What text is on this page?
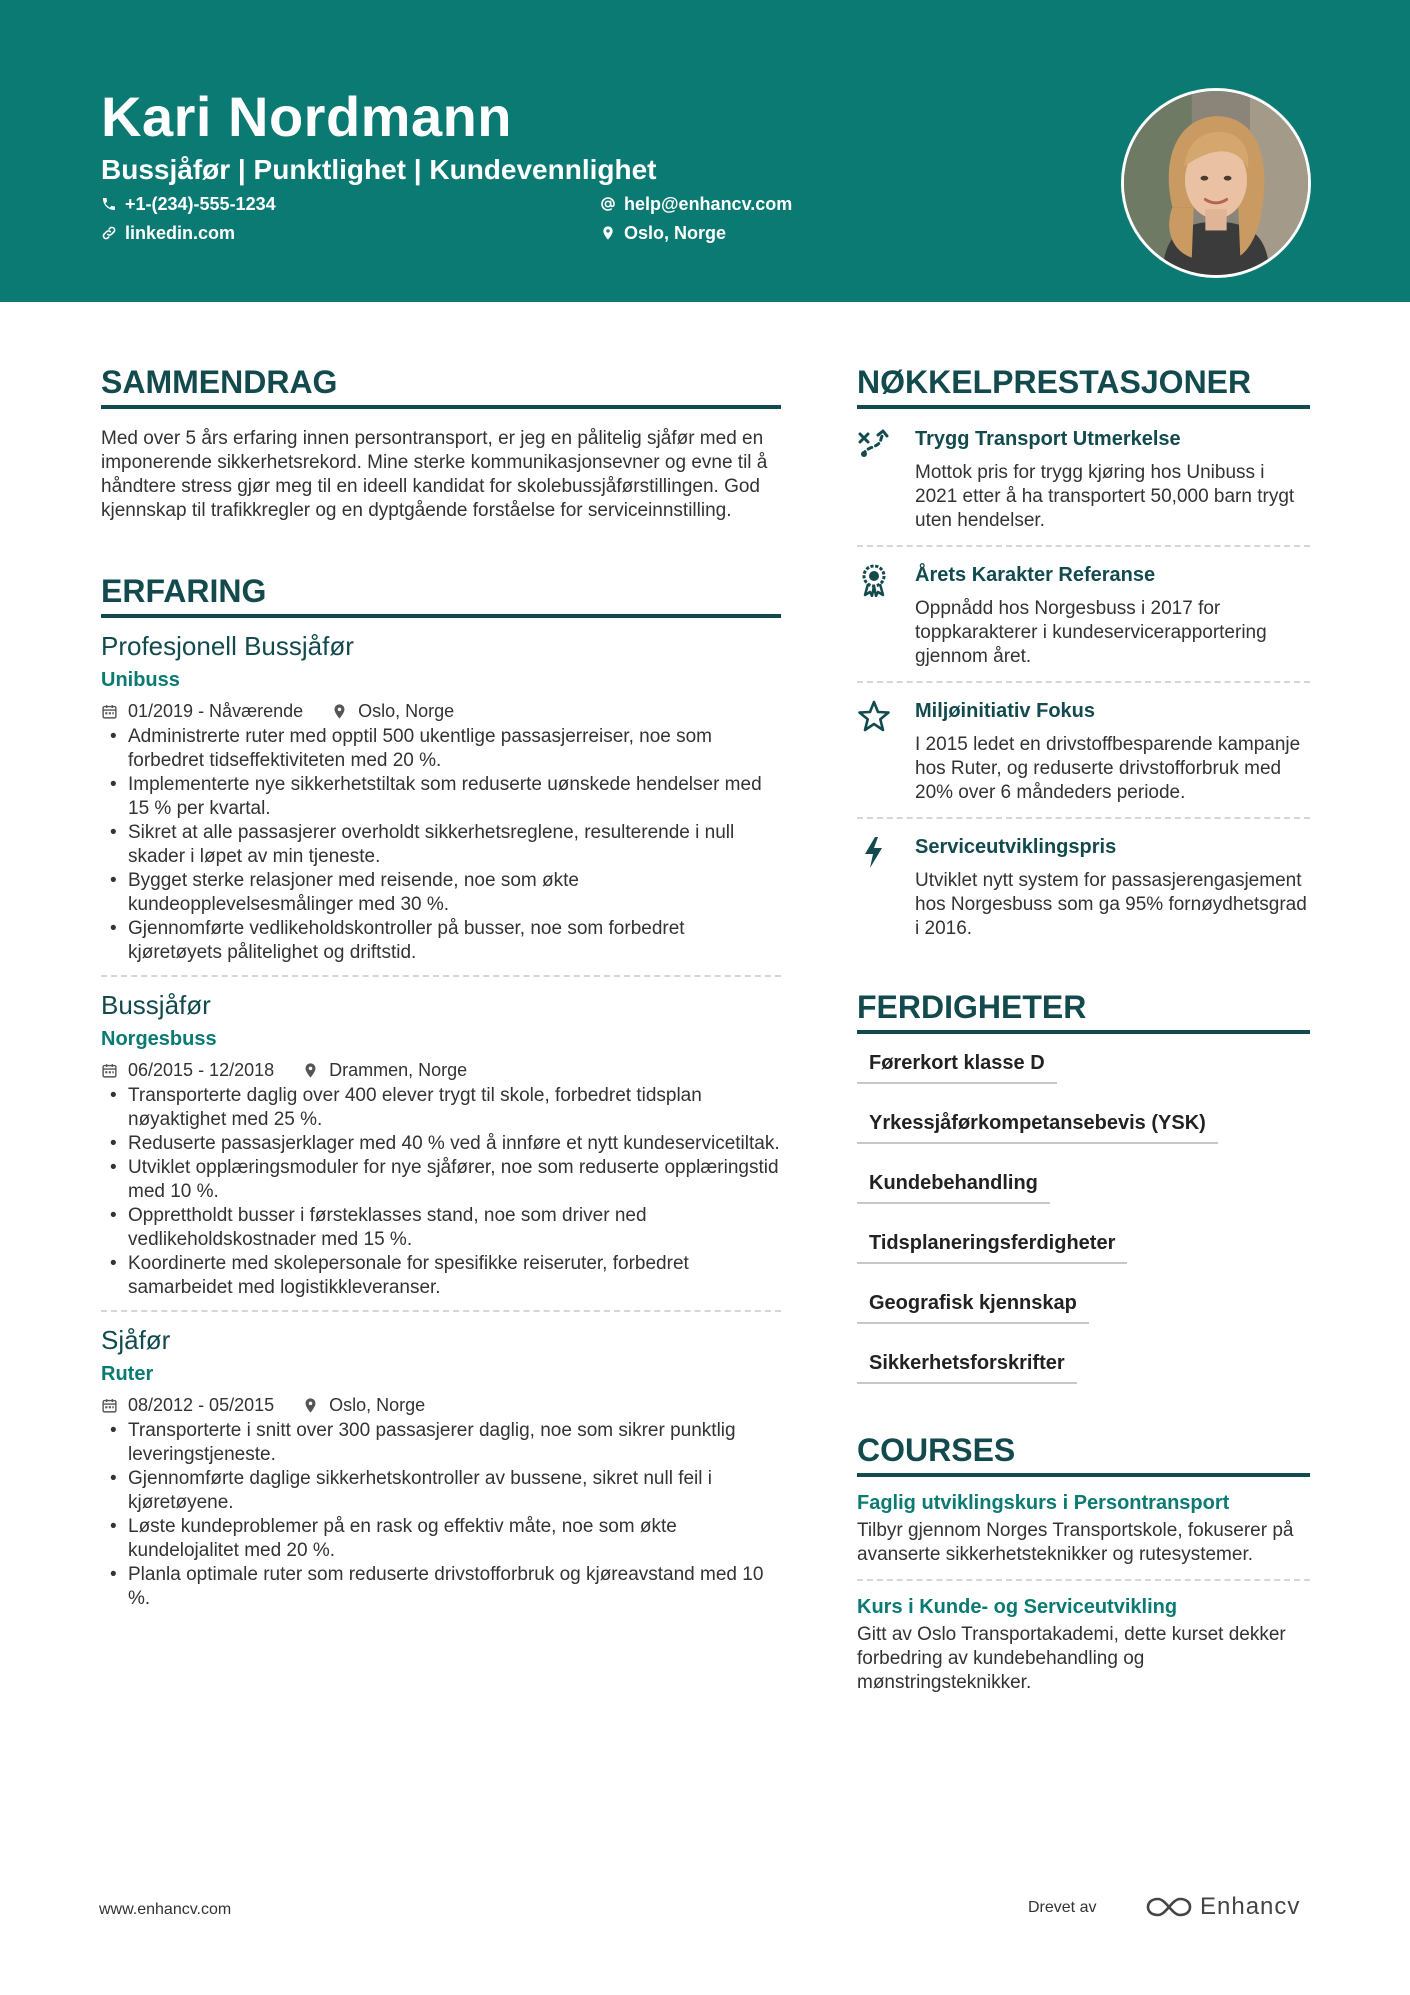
Kari Nordmann
Bussjåfør | Punktlighet | Kundevennlighet
+1-(234)-555-1234	help@enhancv.com
linkedin.com	Oslo, Norge
SAMMENDRAG
Med over 5 års erfaring innen persontransport, er jeg en pålitelig sjåfør med en imponerende sikkerhetsrekord. Mine sterke kommunikasjonsevner og evne til å håndtere stress gjør meg til en ideell kandidat for skolebussjåførstillingen. God kjennskap til trafikkregler og en dyptgående forståelse for serviceinnstilling.
ERFARING
Profesjonell Bussjåfør
Unibuss
01/2019 - Nåværende	Oslo, Norge
• Administrerte ruter med opptil 500 ukentlige passasjerreiser, noe som forbedret tidseffektiviteten med 20 %.
• Implementerte nye sikkerhetstiltak som reduserte uønskede hendelser med 15 % per kvartal.
• Sikret at alle passasjerer overholdt sikkerhetsreglene, resulterende i null skader i løpet av min tjeneste.
• Bygget sterke relasjoner med reisende, noe som økte kundeopplevelsesmålinger med 30 %.
• Gjennomførte vedlikeholdskontroller på busser, noe som forbedret kjøretøyets pålitelighet og driftstid.
Bussjåfør
Norgesbuss
06/2015 - 12/2018	Drammen, Norge
• Transporterte daglig over 400 elever trygt til skole, forbedret tidsplan nøyaktighet med 25 %.
• Reduserte passasjerklager med 40 % ved å innføre et nytt kundeservicetiltak.
• Utviklet opplæringsmoduler for nye sjåfører, noe som reduserte opplæringstid med 10 %.
• Opprettholdt busser i førsteklasses stand, noe som driver ned vedlikeholdskostnader med 15 %.
• Koordinerte med skolepersonale for spesifikke reiseruter, forbedret samarbeidet med logistikkleveranser.
Sjåfør
Ruter
08/2012 - 05/2015	Oslo, Norge
• Transporterte i snitt over 300 passasjerer daglig, noe som sikrer punktlig leveringstjeneste.
• Gjennomførte daglige sikkerhetskontroller av bussene, sikret null feil i kjøretøyene.
• Løste kundeproblemer på en rask og effektiv måte, noe som økte kundelojalitet med 20 %.
• Planla optimale ruter som reduserte drivstofforbruk og kjøreavstand med 10 %.
NØKKELPRESTASJONER
Trygg Transport Utmerkelse
Mottok pris for trygg kjøring hos Unibuss i 2021 etter å ha transportert 50,000 barn trygt uten hendelser.
Årets Karakter Referanse
Oppnådd hos Norgesbuss i 2017 for toppkarakterer i kundeservicerapportering gjennom året.
Miljøinitiativ Fokus
I 2015 ledet en drivstoffbesparende kampanje hos Ruter, og reduserte drivstofforbruk med 20% over 6 måndeders periode.
Serviceutviklingspris
Utviklet nytt system for passasjerengasjement hos Norgesbuss som ga 95% fornøydhetsgrad i 2016.
FERDIGHETER
Førerkort klasse D
Yrkessjåførkompetansebevis (YSK)
Kundebehandling
Tidsplaneringsferdigheter
Geografisk kjennskap
Sikkerhetsforskrifter
COURSES
Faglig utviklingskurs i Persontransport
Tilbyr gjennom Norges Transportskole, fokuserer på avanserte sikkerhetsteknikker og rutesystemer.
Kurs i Kunde- og Serviceutvikling
Gitt av Oslo Transportakademi, dette kurset dekker forbedring av kundebehandling og mønstringsteknikker.
www.enhancv.com	Drevet av	Enhancv
